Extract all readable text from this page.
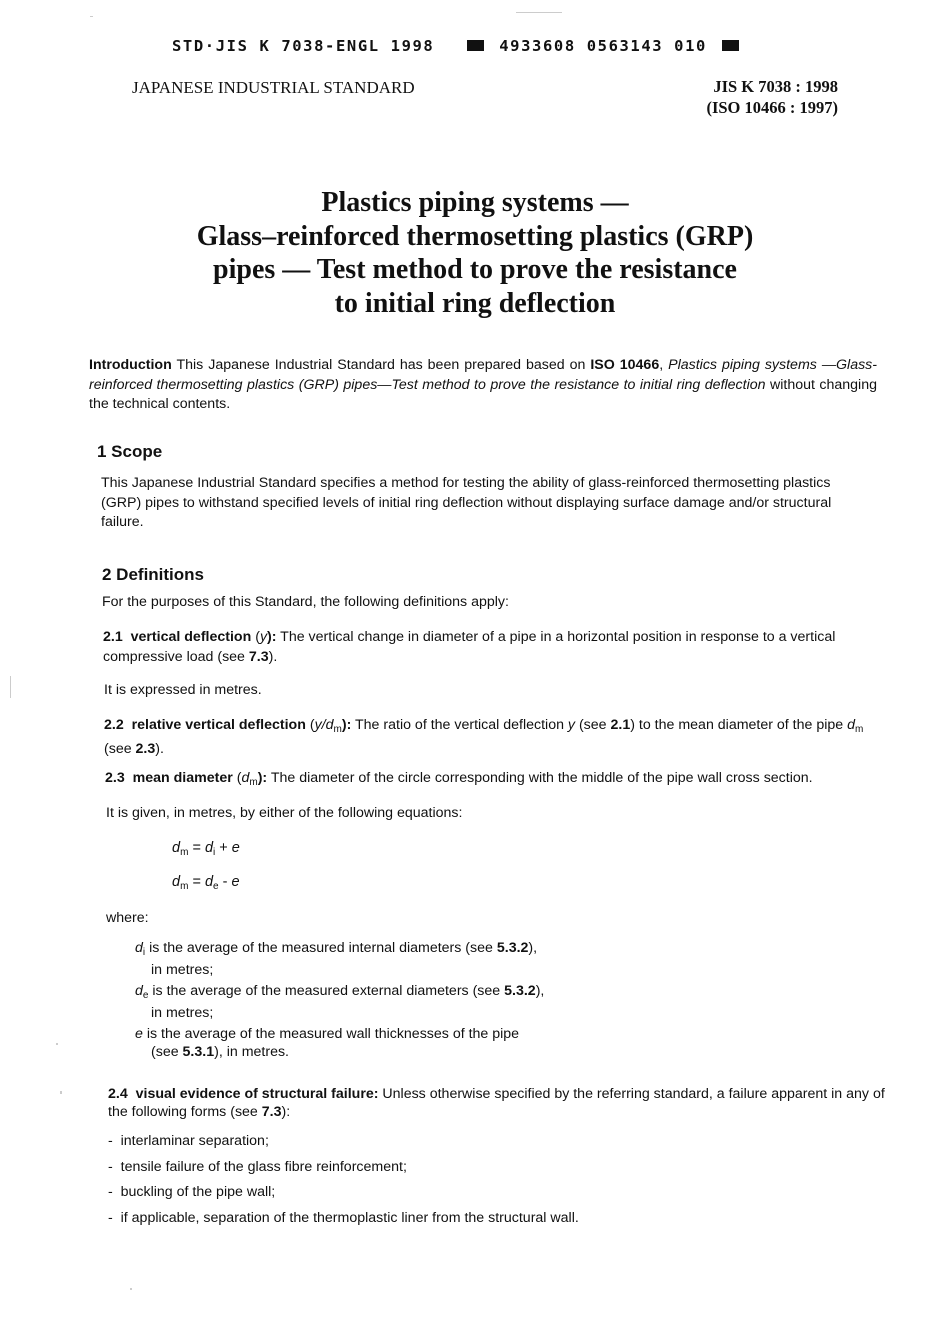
STD·JIS K 7038-ENGL 1998	4933608 0563143 010
JAPANESE INDUSTRIAL STANDARD	JIS K 7038 : 1998
(ISO 10466 : 1997)
Plastics piping systems —
Glass–reinforced thermosetting plastics (GRP)
pipes — Test method to prove the resistance
to initial ring deflection
Introduction This Japanese Industrial Standard has been prepared based on ISO 10466, Plastics piping systems —Glass-reinforced thermosetting plastics (GRP) pipes—Test method to prove the resistance to initial ring deflection without changing the technical contents.
1 Scope
This Japanese Industrial Standard specifies a method for testing the ability of glass-reinforced thermosetting plastics (GRP) pipes to withstand specified levels of initial ring deflection without displaying surface damage and/or structural failure.
2 Definitions
For the purposes of this Standard, the following definitions apply:
2.1 vertical deflection (y): The vertical change in diameter of a pipe in a horizontal position in response to a vertical compressive load (see 7.3).
It is expressed in metres.
2.2 relative vertical deflection $(y/d_m)$: The ratio of the vertical deflection y (see 2.1) to the mean diameter of the pipe $d_m$ (see 2.3).
2.3 mean diameter $(d_m)$: The diameter of the circle corresponding with the middle of the pipe wall cross section.
It is given, in metres, by either of the following equations:
$d_m = d_i + e$
$d_m = d_e - e$
where:
$d_i$ is the average of the measured internal diameters (see 5.3.2),
in metres;
$d_e$ is the average of the measured external diameters (see 5.3.2),
in metres;
e is the average of the measured wall thicknesses of the pipe
(see 5.3.1), in metres.
2.4 visual evidence of structural failure: Unless otherwise specified by the referring standard, a failure apparent in any of the following forms (see 7.3):
- interlaminar separation;
- tensile failure of the glass fibre reinforcement;
- buckling of the pipe wall;
- if applicable, separation of the thermoplastic liner from the structural wall.
